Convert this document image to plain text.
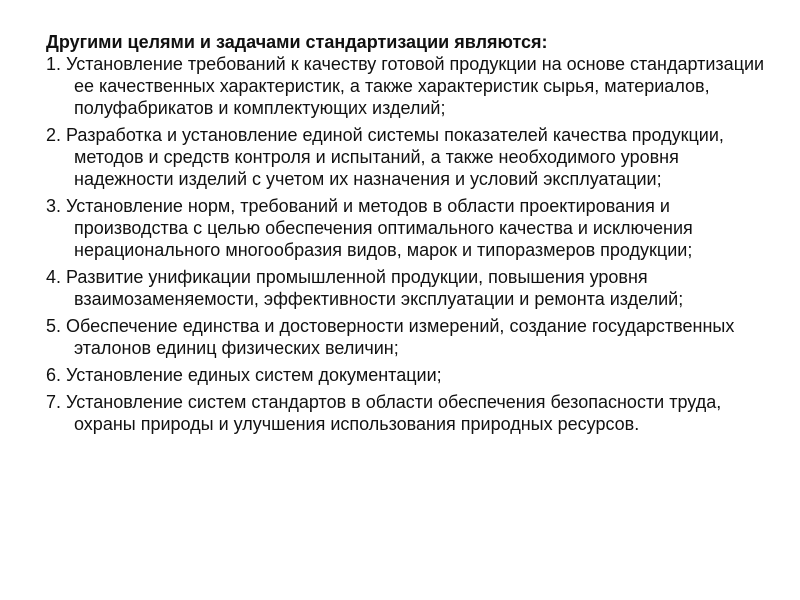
Другими целями и задачами стандартизации являются:

1. Установление требований к качеству готовой продукции на основе стандартизации ее качественных характеристик, а также характеристик сырья, материалов, полуфабрикатов и комплектующих изделий;
2. Разработка и установление единой системы показателей качества продукции, методов и средств контроля и испытаний, а также необходимого уровня надежности изделий с учетом их назначения и условий эксплуатации;
3. Установление норм, требований и методов в области проектирования и производства с целью обеспечения оптимального качества и исключения нерационального многообразия видов, марок и типоразмеров продукции;
4. Развитие унификации промышленной продукции, повышения уровня взаимозаменяемости, эффективности эксплуатации и ремонта изделий;
5. Обеспечение единства и достоверности измерений, создание государственных эталонов единиц физических величин;
6. Установление единых систем документации;
7. Установление систем стандартов в области обеспечения безопасности труда, охраны природы и улучшения использования природных ресурсов.
